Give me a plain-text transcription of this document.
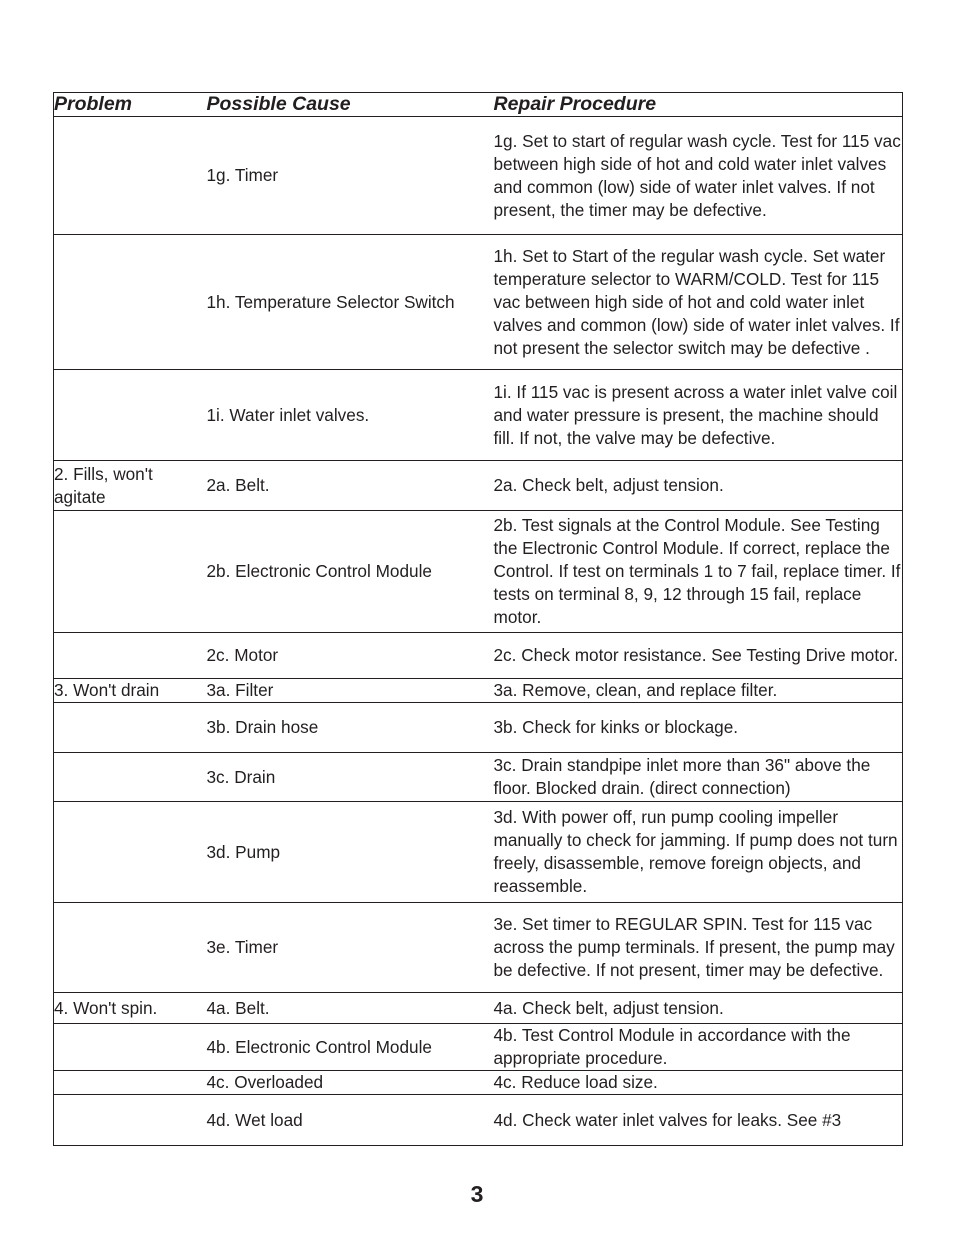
Problem	Possible Cause	Repair Procedure
	1g. Timer	1g. Set to start of regular wash cycle. Test for 115 vac between high side of hot and cold water inlet valves and common (low) side of water inlet valves. If not present, the timer may be defective.
	1h. Temperature Selector Switch	1h. Set to Start of the regular wash cycle. Set water temperature selector to WARM/COLD. Test for 115 vac between high side of hot and cold water inlet valves and common (low) side of water inlet valves. If not present the selector switch may be defective .
	1i. Water inlet valves.	1i. If 115 vac is present across a water inlet valve coil and water pressure is present, the machine should fill. If not, the valve may be defective.
2. Fills, won't agitate	2a. Belt.	2a. Check belt, adjust tension.
	2b. Electronic Control Module	2b. Test signals at the Control Module. See Testing the Electronic Control Module. If correct, replace the Control. If test on terminals 1 to 7 fail, replace timer. If tests on terminal 8, 9, 12 through 15 fail, replace motor.
	2c. Motor	2c. Check motor resistance. See Testing Drive motor.
3. Won't drain	3a. Filter	3a. Remove, clean, and replace filter.
	3b. Drain hose	3b. Check for kinks or blockage.
	3c. Drain	3c. Drain standpipe inlet more than 36" above the floor. Blocked drain. (direct connection)
	3d. Pump	3d. With power off, run pump cooling impeller manually to check for jamming. If pump does not turn freely, disassemble, remove foreign objects, and reassemble.
	3e. Timer	3e. Set timer to REGULAR SPIN. Test for 115 vac across the pump terminals. If present, the pump may be defective. If not present, timer may be defective.
4. Won't spin.	4a. Belt.	4a. Check belt, adjust tension.
	4b. Electronic Control Module	4b. Test Control Module in accordance with the appropriate procedure.
	4c. Overloaded	4c. Reduce load size.
	4d. Wet load	4d. Check water inlet valves for leaks. See #3
3
